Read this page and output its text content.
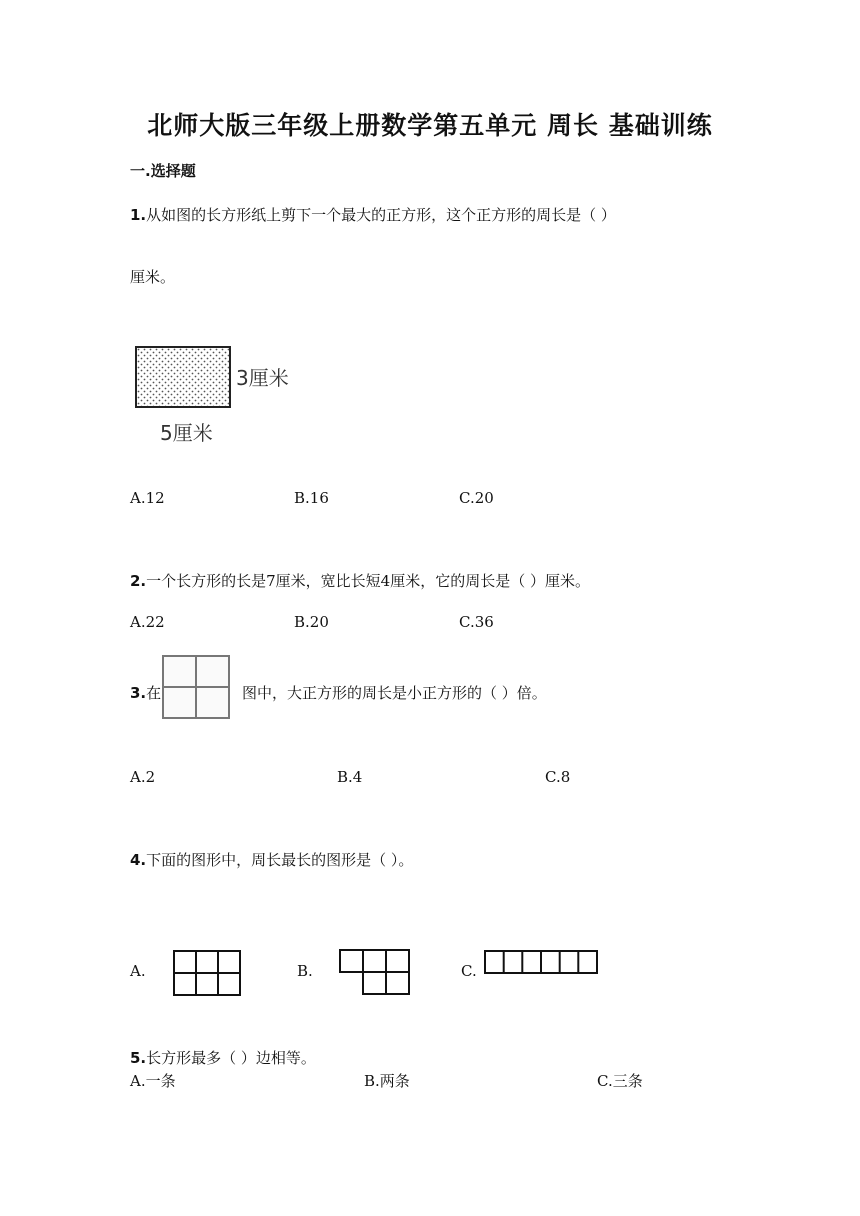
北师大版三年级上册数学第五单元 周长 基础训练
一.选择题
1.从如图的长方形纸上剪下一个最大的正方形，这个正方形的周长是（ ）
厘米。
3厘米
5厘米
A.12	B.16	C.20
2.一个长方形的长是7厘米，宽比长短4厘米，它的周长是（ ）厘米。
A.22	B.20	C.36
3.在	图中，大正方形的周长是小正方形的（ ）倍。
A.2	B.4	C.8
4.下面的图形中，周长最长的图形是（ ）。
A.	B.	C.
5.长方形最多（ ）边相等。
A.一条	B.两条	C.三条
